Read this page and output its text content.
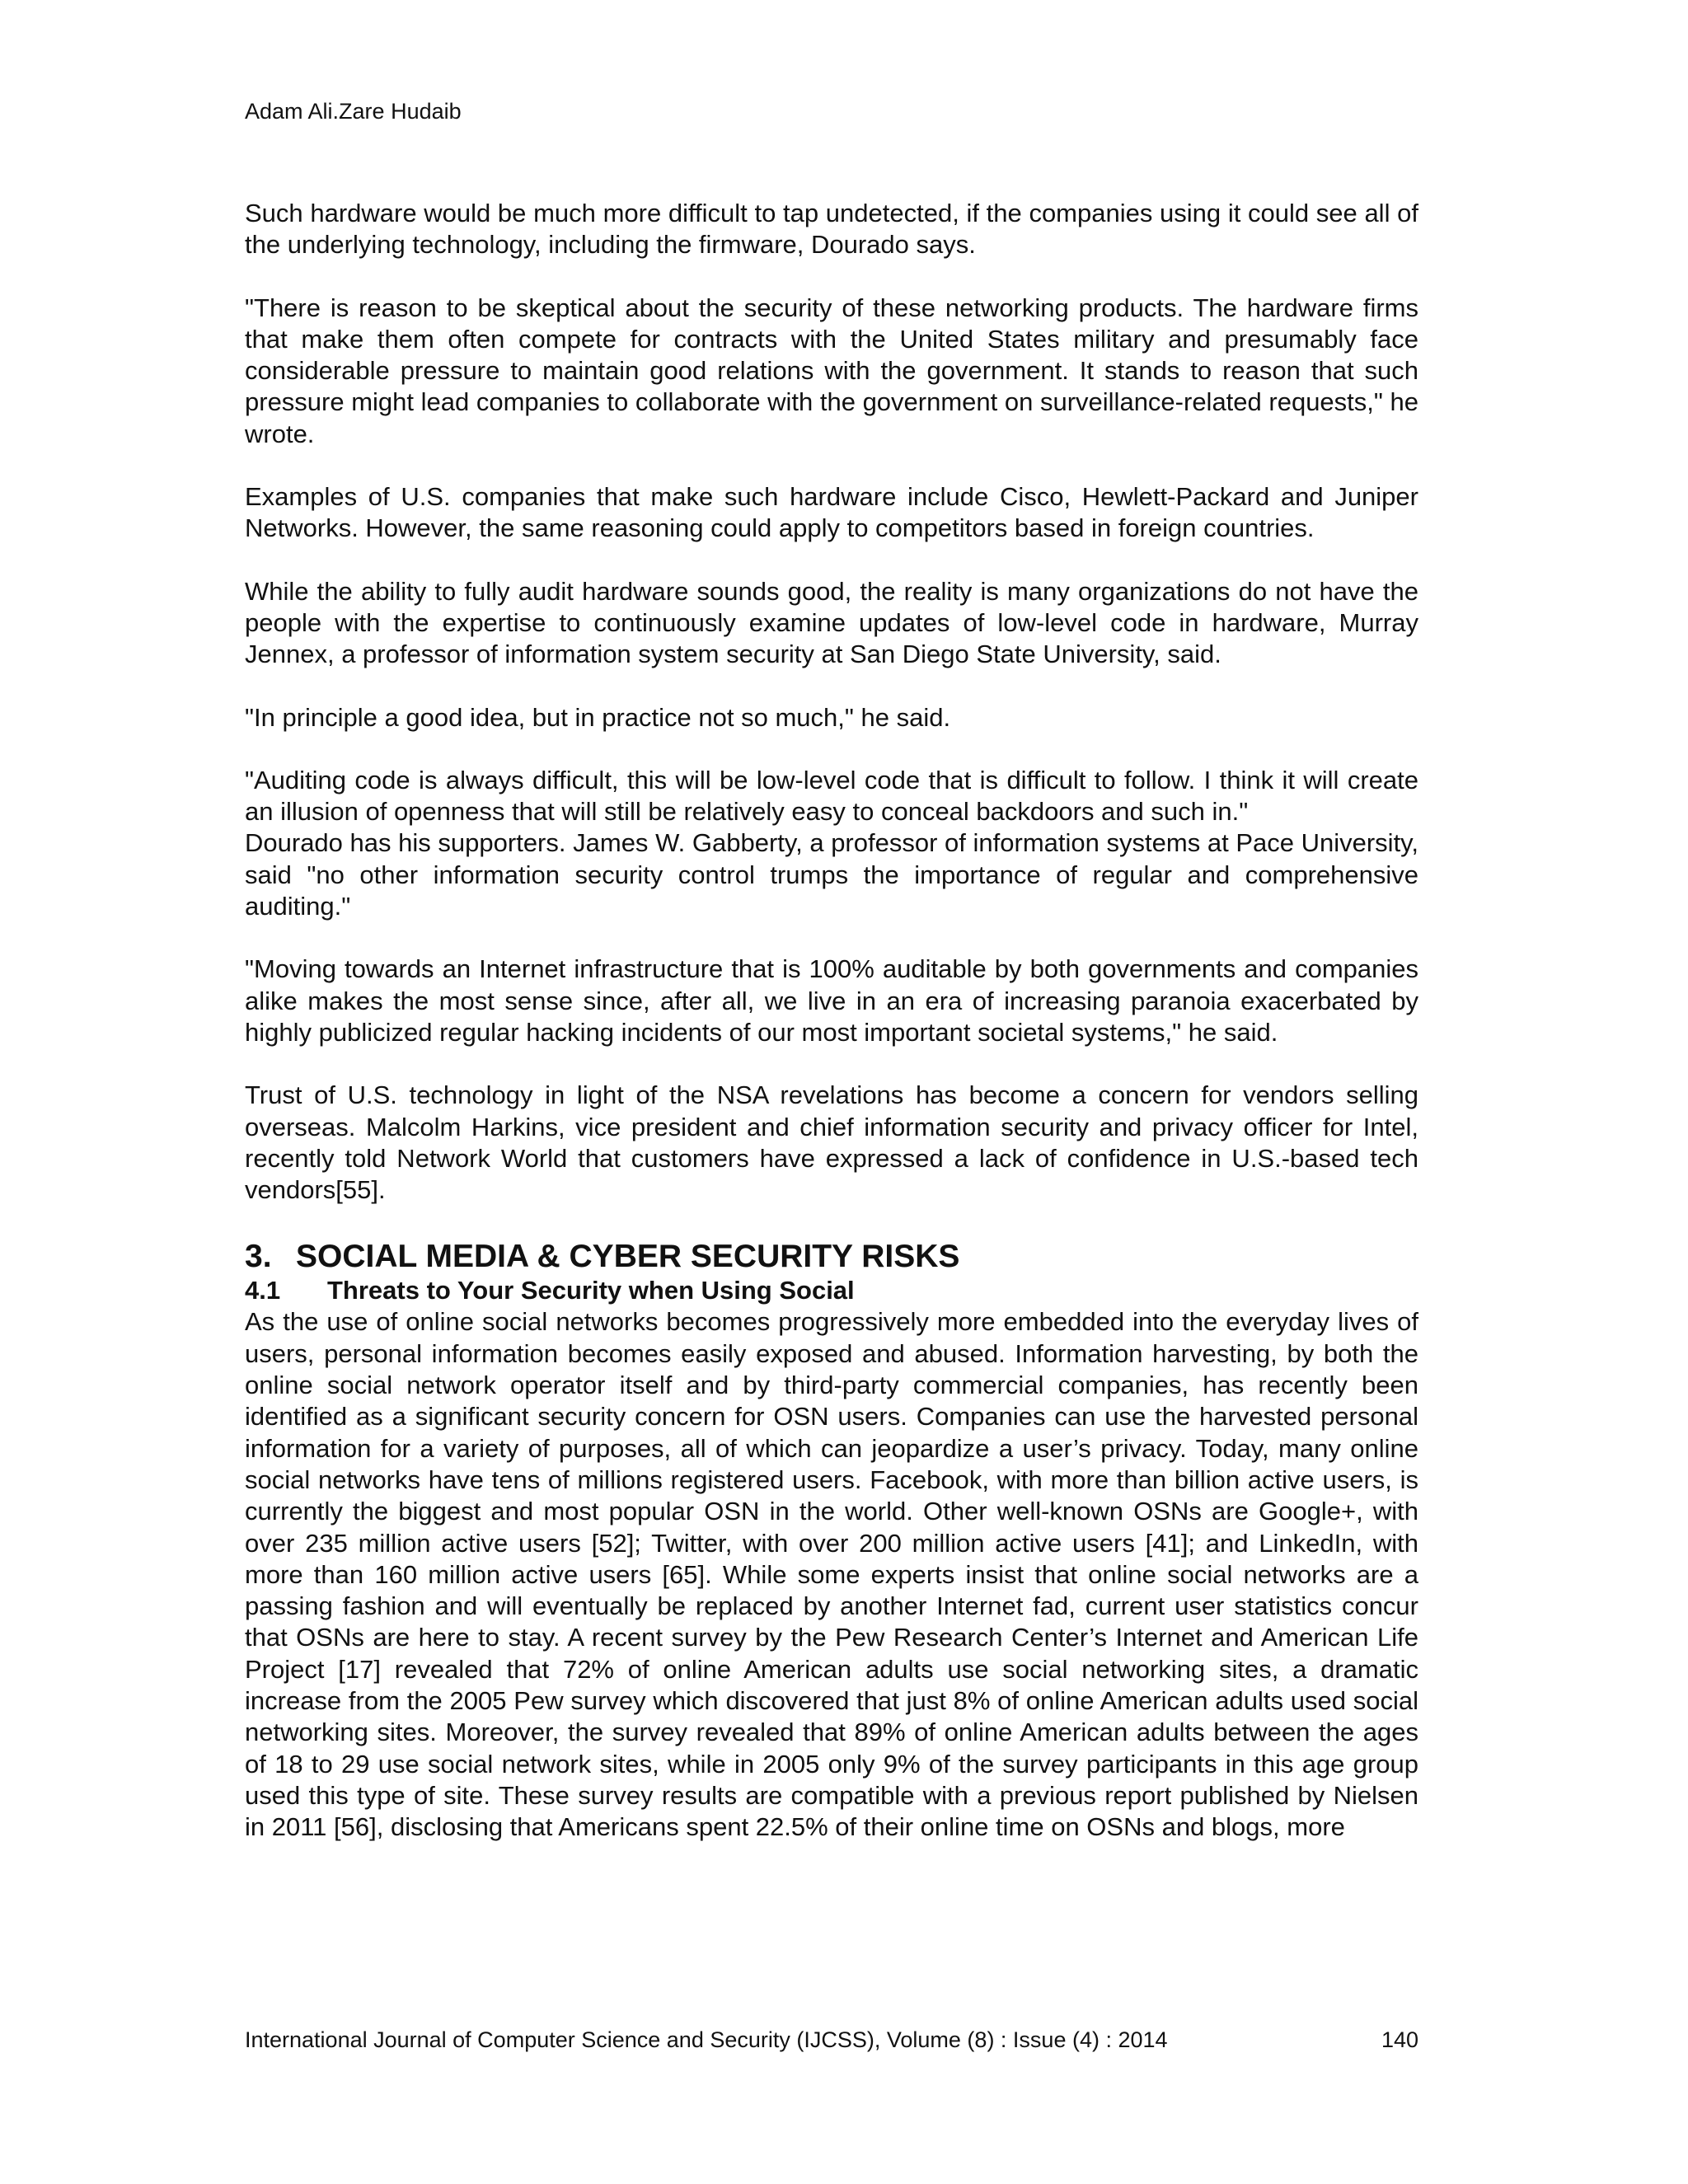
Adam Ali.Zare Hudaib

Such hardware would be much more difficult to tap undetected, if the companies using it could see all of the underlying technology, including the firmware, Dourado says.

"There is reason to be skeptical about the security of these networking products. The hardware firms that make them often compete for contracts with the United States military and presumably face considerable pressure to maintain good relations with the government. It stands to reason that such pressure might lead companies to collaborate with the government on surveillance-related requests," he wrote.

Examples of U.S. companies that make such hardware include Cisco, Hewlett-Packard and Juniper Networks. However, the same reasoning could apply to competitors based in foreign countries.

While the ability to fully audit hardware sounds good, the reality is many organizations do not have the people with the expertise to continuously examine updates of low-level code in hardware, Murray Jennex, a professor of information system security at San Diego State University, said.

"In principle a good idea, but in practice not so much," he said.

"Auditing code is always difficult, this will be low-level code that is difficult to follow. I think it will create an illusion of openness that will still be relatively easy to conceal backdoors and such in."

Dourado has his supporters. James W. Gabberty, a professor of information systems at Pace University, said "no other information security control trumps the importance of regular and comprehensive auditing."

"Moving towards an Internet infrastructure that is 100% auditable by both governments and companies alike makes the most sense since, after all, we live in an era of increasing paranoia exacerbated by highly publicized regular hacking incidents of our most important societal systems," he said.

Trust of U.S. technology in light of the NSA revelations has become a concern for vendors selling overseas. Malcolm Harkins, vice president and chief information security and privacy officer for Intel, recently told Network World that customers have expressed a lack of confidence in U.S.-based tech vendors[55].

3. SOCIAL MEDIA & CYBER SECURITY RISKS
4.1 Threats to Your Security when Using Social

As the use of online social networks becomes progressively more embedded into the everyday lives of users, personal information becomes easily exposed and abused. Information harvesting, by both the online social network operator itself and by third-party commercial companies, has recently been identified as a significant security concern for OSN users. Companies can use the harvested personal information for a variety of purposes, all of which can jeopardize a user’s privacy. Today, many online social networks have tens of millions registered users. Facebook, with more than billion active users, is currently the biggest and most popular OSN in the world. Other well-known OSNs are Google+, with over 235 million active users [52]; Twitter, with over 200 million active users [41]; and LinkedIn, with more than 160 million active users [65]. While some experts insist that online social networks are a passing fashion and will eventually be replaced by another Internet fad, current user statistics concur that OSNs are here to stay. A recent survey by the Pew Research Center’s Internet and American Life Project [17] revealed that 72% of online American adults use social networking sites, a dramatic increase from the 2005 Pew survey which discovered that just 8% of online American adults used social networking sites. Moreover, the survey revealed that 89% of online American adults between the ages of 18 to 29 use social network sites, while in 2005 only 9% of the survey participants in this age group used this type of site. These survey results are compatible with a previous report published by Nielsen in 2011 [56], disclosing that Americans spent 22.5% of their online time on OSNs and blogs, more

International Journal of Computer Science and Security (IJCSS), Volume (8) : Issue (4) : 2014	140
